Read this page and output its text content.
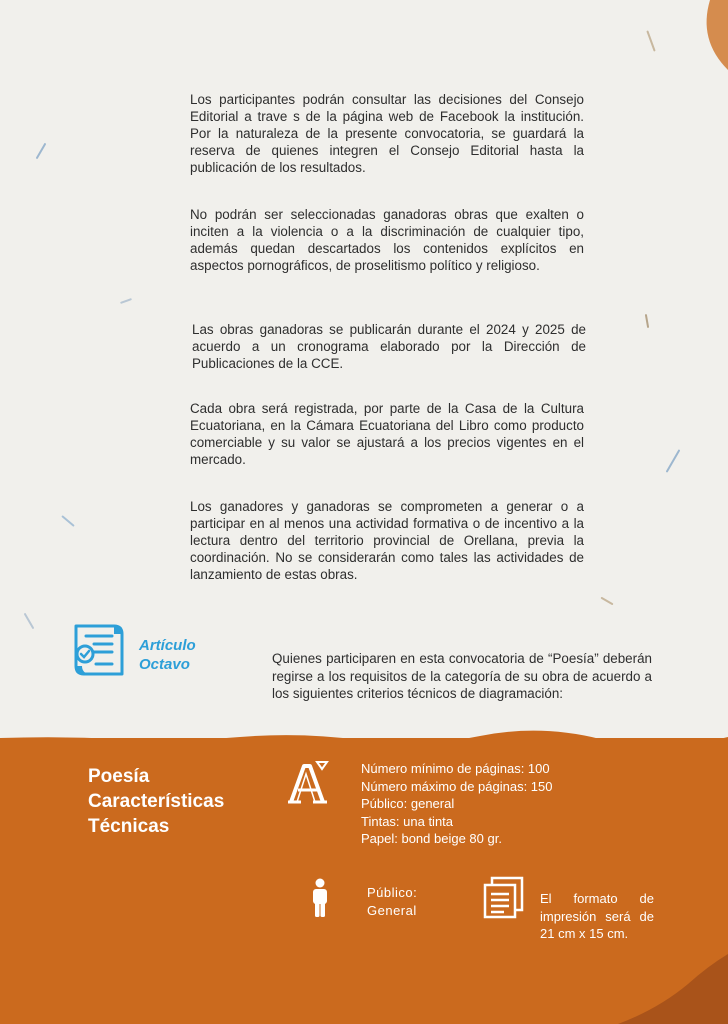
Los participantes podrán consultar las decisiones del Consejo Editorial a trave s de la página web de Facebook la institución. Por la naturaleza de la presente convocatoria, se guardará la reserva de quienes integren el Consejo Editorial hasta la publicación de los resultados.

No podrán ser seleccionadas ganadoras obras que exalten o inciten a la violencia o a la discriminación de cualquier tipo, además quedan descartados los contenidos explícitos en aspectos pornográficos, de proselitismo político y religioso.

Las obras ganadoras se publicarán durante el 2024 y 2025 de acuerdo a un cronograma elaborado por la Dirección de Publicaciones de la CCE.

Cada obra será registrada, por parte de la Casa de la Cultura Ecuatoriana, en la Cámara Ecuatoriana del Libro como producto comerciable y su valor se ajustará a los precios vigentes en el mercado.

Los ganadores y ganadoras se comprometen a generar o a participar en al menos una actividad formativa o de incentivo a la lectura dentro del territorio provincial de Orellana, previa la coordinación. No se considerarán como tales las actividades de lanzamiento de estas obras.

Artículo
Octavo	Quienes participaren en esta convocatoria de “Poesía” deberán regirse a los requisitos de la categoría de su obra de acuerdo a los siguientes criterios técnicos de diagramación:

Poesía
Características
Técnicas
Número mínimo de páginas: 100
Número máximo de páginas: 150
Público: general
Tintas: una tinta
Papel: bond beige 80 gr.
Público:
General

El formato de impresión será de 21 cm x 15 cm.
